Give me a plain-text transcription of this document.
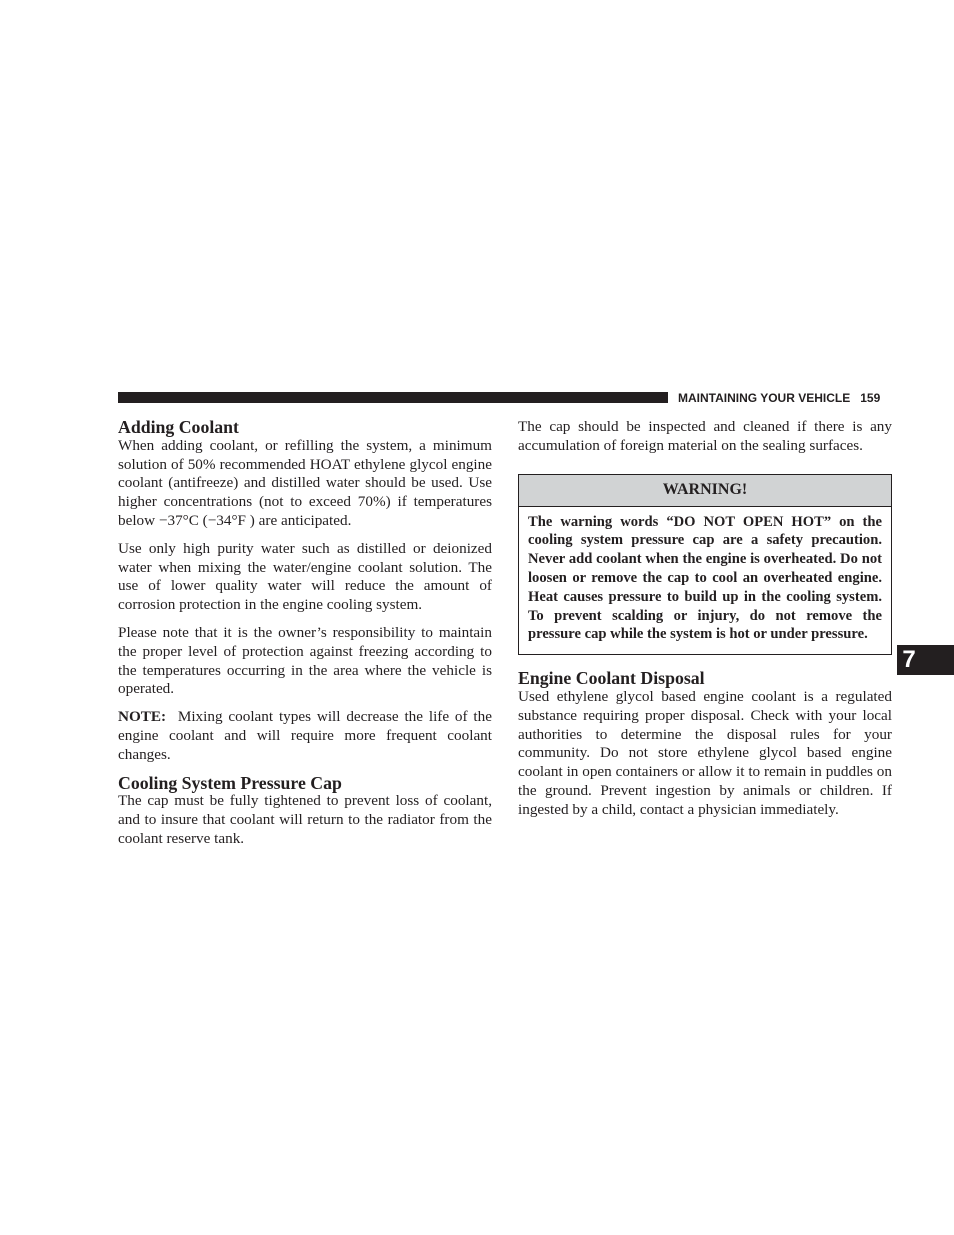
MAINTAINING YOUR VEHICLE 159
Adding Coolant

When adding coolant, or refilling the system, a minimum solution of 50% recommended HOAT ethylene glycol engine coolant (antifreeze) and distilled water should be used. Use higher concentrations (not to exceed 70%) if temperatures below −37°C (−34°F ) are anticipated.

Use only high purity water such as distilled or deionized water when mixing the water/engine coolant solution. The use of lower quality water will reduce the amount of corrosion protection in the engine cooling system.

Please note that it is the owner’s responsibility to maintain the proper level of protection against freezing according to the temperatures occurring in the area where the vehicle is operated.

NOTE: Mixing coolant types will decrease the life of the engine coolant and will require more frequent coolant changes.

Cooling System Pressure Cap

The cap must be fully tightened to prevent loss of coolant, and to insure that coolant will return to the radiator from the coolant reserve tank.

The cap should be inspected and cleaned if there is any accumulation of foreign material on the sealing surfaces.

WARNING!
The warning words “DO NOT OPEN HOT” on the cooling system pressure cap are a safety precaution. Never add coolant when the engine is overheated. Do not loosen or remove the cap to cool an overheated engine. Heat causes pressure to build up in the cooling system. To prevent scalding or injury, do not remove the pressure cap while the system is hot or under pressure.
Engine Coolant Disposal

Used ethylene glycol based engine coolant is a regulated substance requiring proper disposal. Check with your local authorities to determine the disposal rules for your community. Do not store ethylene glycol based engine coolant in open containers or allow it to remain in puddles on the ground. Prevent ingestion by animals or children. If ingested by a child, contact a physician immediately.

7
